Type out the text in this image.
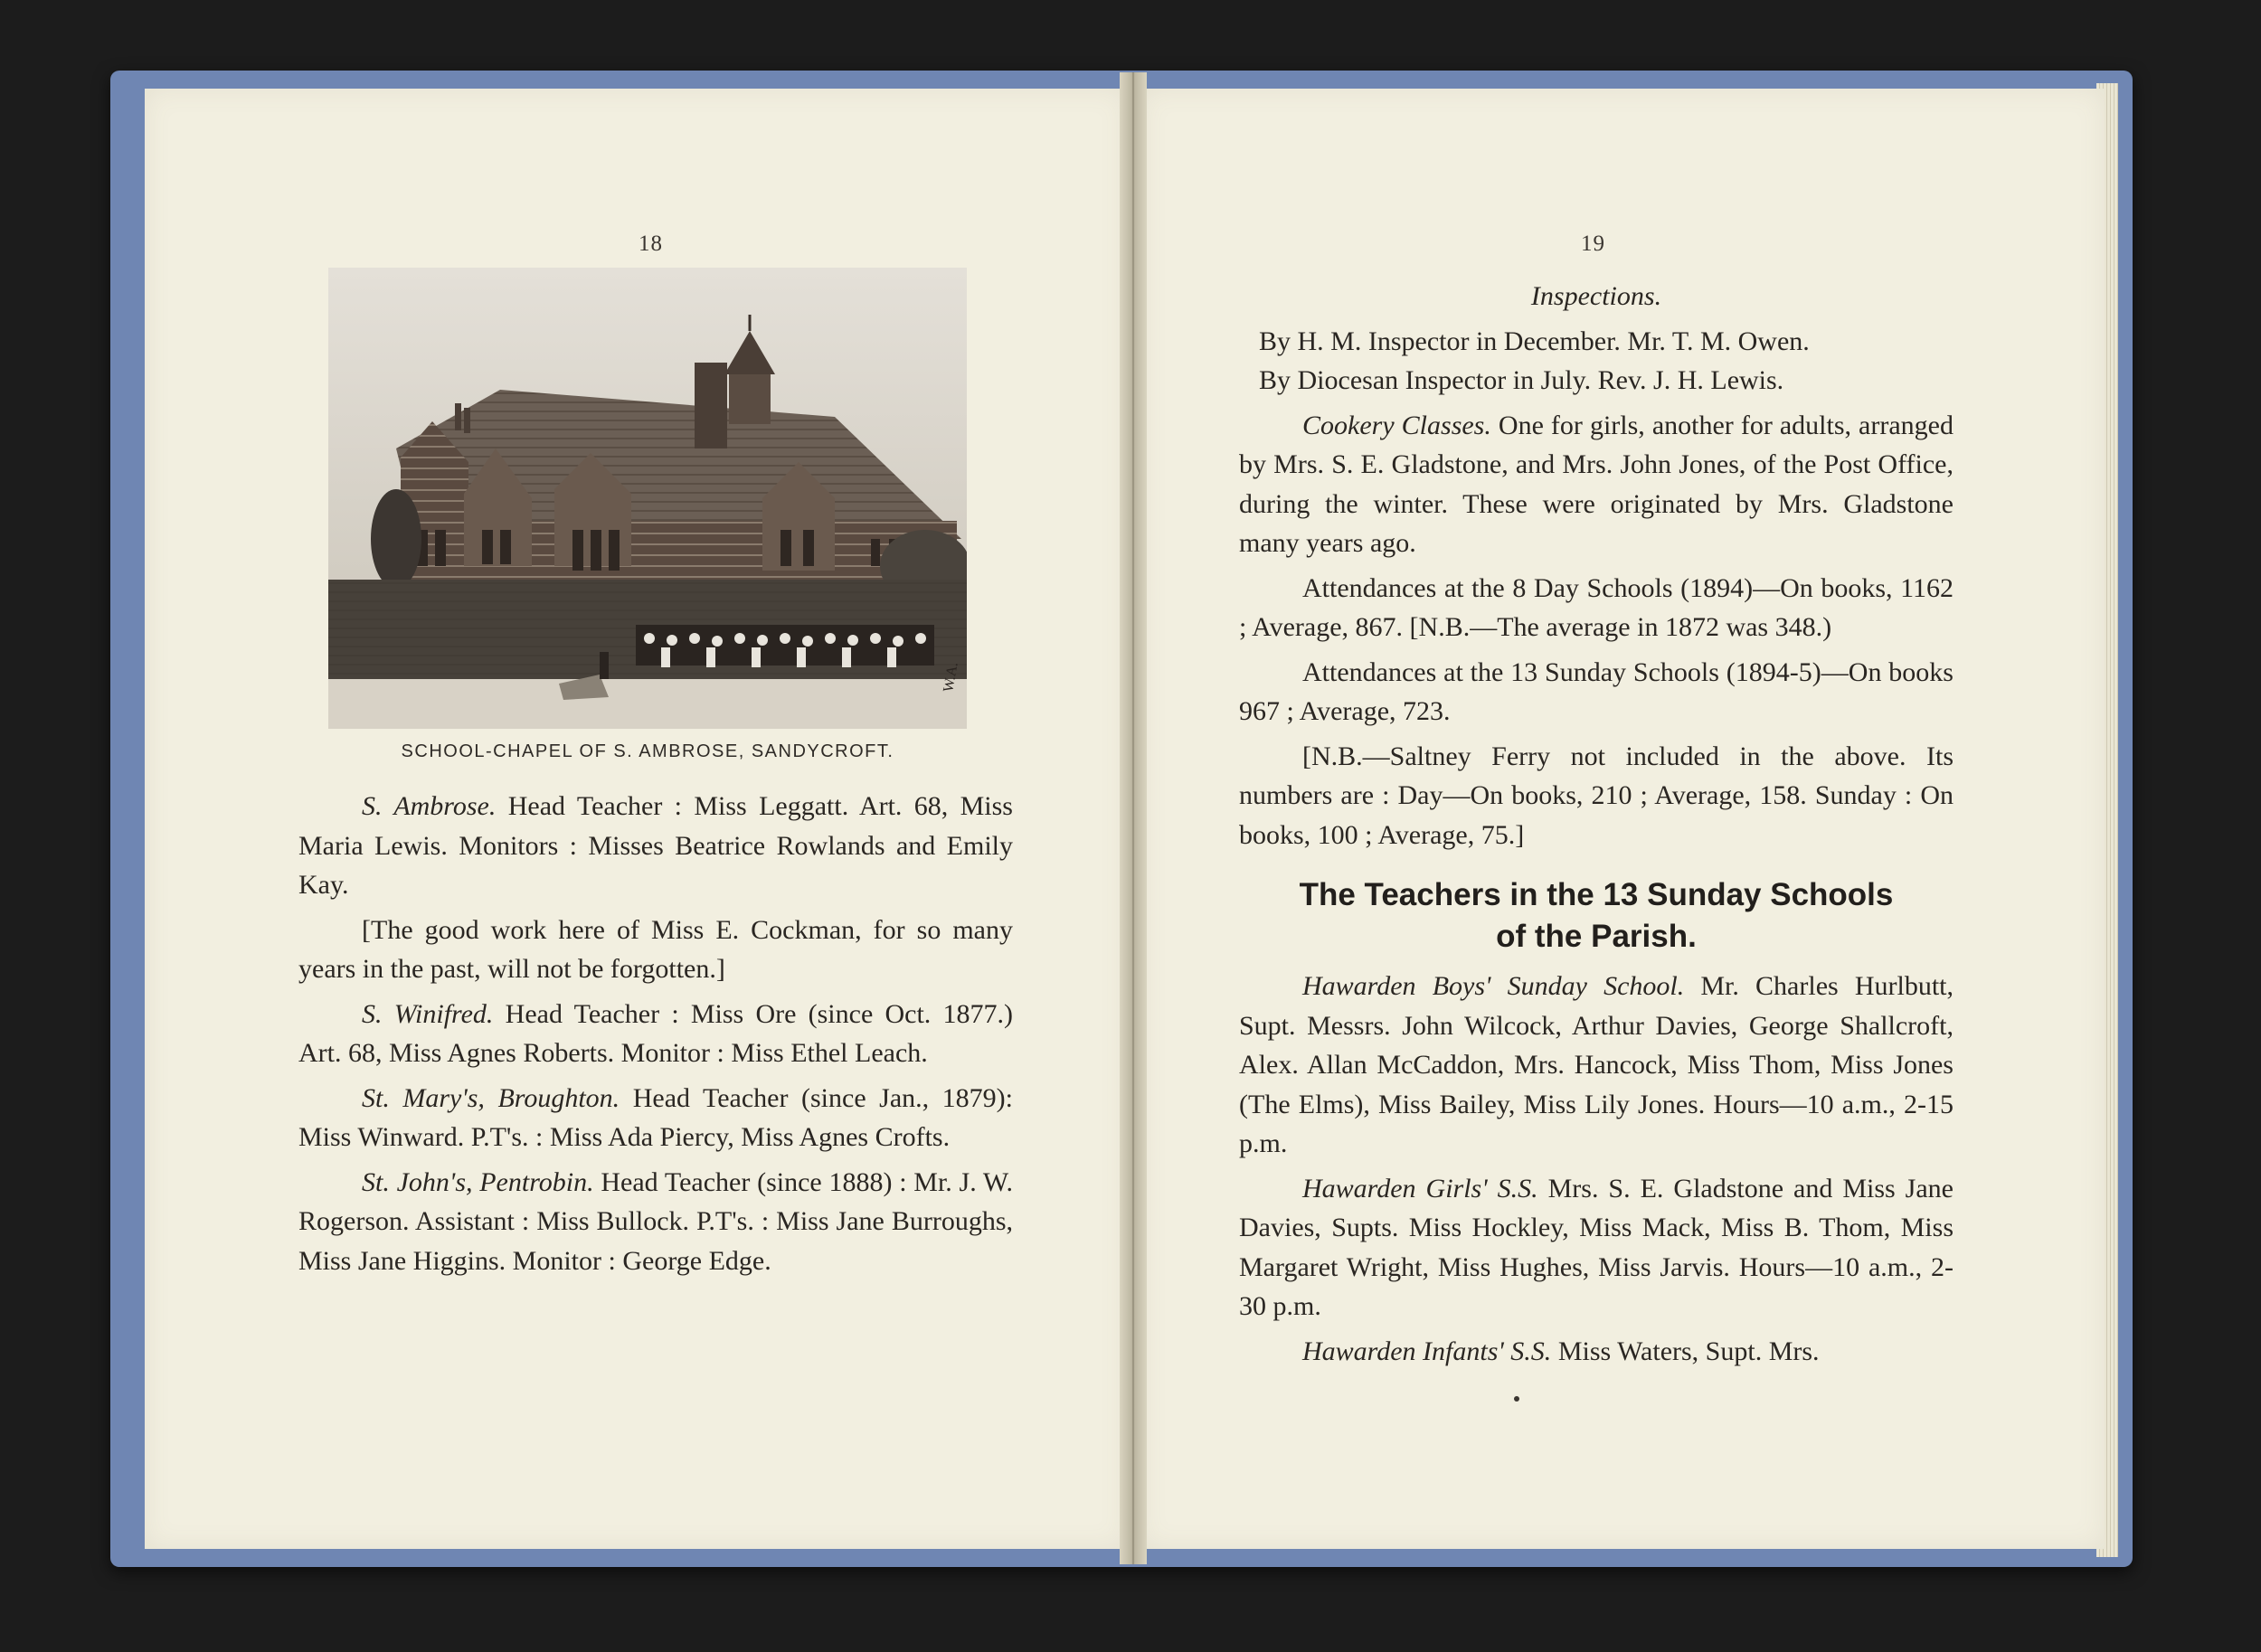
18
W.A.
SCHOOL-CHAPEL OF S. AMBROSE, SANDYCROFT.

S. Ambrose. Head Teacher : Miss Leggatt. Art. 68, Miss Maria Lewis. Monitors : Misses Beatrice Rowlands and Emily Kay.

[The good work here of Miss E. Cockman, for so many years in the past, will not be forgotten.]

S. Winifred. Head Teacher : Miss Ore (since Oct. 1877.) Art. 68, Miss Agnes Roberts. Monitor : Miss Ethel Leach.

St. Mary's, Broughton. Head Teacher (since Jan., 1879): Miss Winward. P.T's. : Miss Ada Piercy, Miss Agnes Crofts.

St. John's, Pentrobin. Head Teacher (since 1888) : Mr. J. W. Rogerson. Assistant : Miss Bullock. P.T's. : Miss Jane Burroughs, Miss Jane Higgins. Monitor : George Edge.

19

Inspections.

By H. M. Inspector in December. Mr. T. M. Owen.

By Diocesan Inspector in July. Rev. J. H. Lewis.

Cookery Classes. One for girls, another for adults, arranged by Mrs. S. E. Gladstone, and Mrs. John Jones, of the Post Office, during the winter. These were originated by Mrs. Gladstone many years ago.

Attendances at the 8 Day Schools (1894)—On books, 1162 ; Average, 867. [N.B.—The average in 1872 was 348.)

Attendances at the 13 Sunday Schools (1894-5)—On books 967 ; Average, 723.

[N.B.—Saltney Ferry not included in the above. Its numbers are : Day—On books, 210 ; Average, 158. Sunday : On books, 100 ; Average, 75.]

The Teachers in the 13 Sunday Schools
of the Parish.

Hawarden Boys' Sunday School. Mr. Charles Hurlbutt, Supt. Messrs. John Wilcock, Arthur Davies, George Shallcroft, Alex. Allan McCaddon, Mrs. Hancock, Miss Thom, Miss Jones (The Elms), Miss Bailey, Miss Lily Jones. Hours—10 a.m., 2-15 p.m.

Hawarden Girls' S.S. Mrs. S. E. Gladstone and Miss Jane Davies, Supts. Miss Hockley, Miss Mack, Miss B. Thom, Miss Margaret Wright, Miss Hughes, Miss Jarvis. Hours—10 a.m., 2-30 p.m.

Hawarden Infants' S.S. Miss Waters, Supt. Mrs.
